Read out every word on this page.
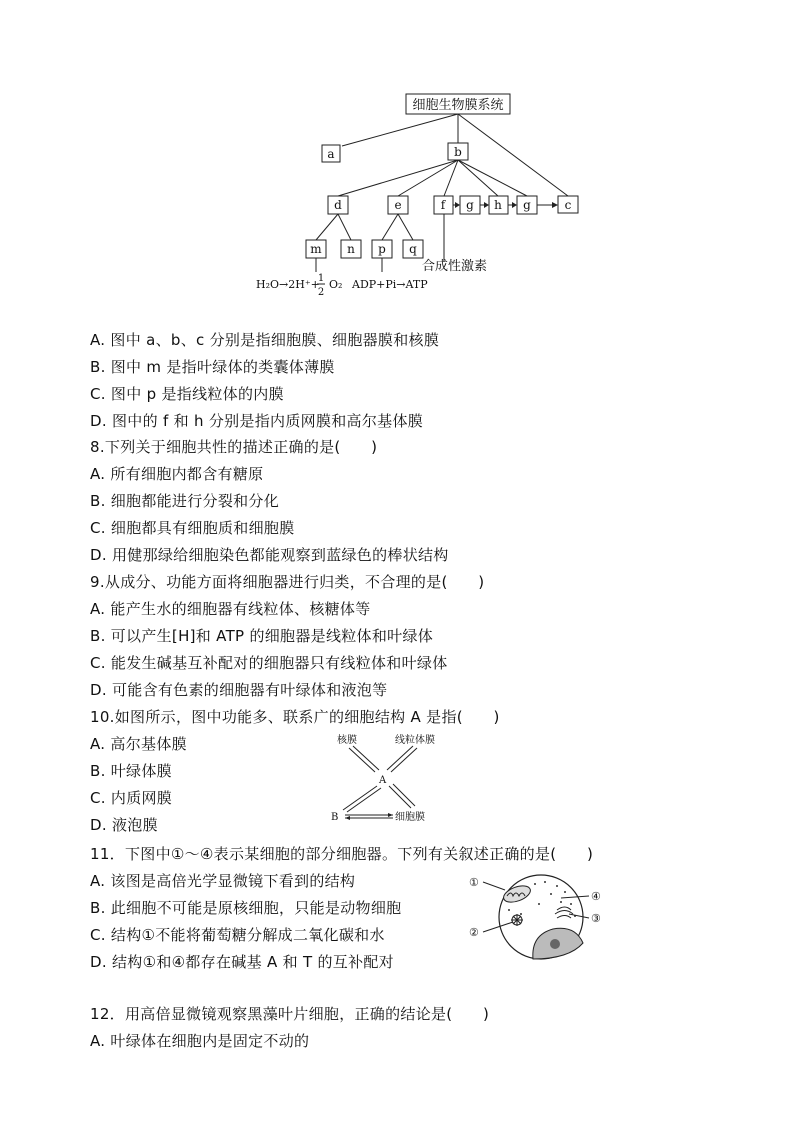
细胞生物膜系统
a	b
c
d	e	f g h g
m n p q
合成性激素
H₂O→2H⁺+
1
2
O₂ ADP+Pi→ATP
A. 图中 a、b、c 分别是指细胞膜、细胞器膜和核膜
B. 图中 m 是指叶绿体的类囊体薄膜
C. 图中 p 是指线粒体的内膜
D. 图中的 f 和 h 分别是指内质网膜和高尔基体膜
8.下列关于细胞共性的描述正确的是(　　)
A. 所有细胞内都含有糖原
B. 细胞都能进行分裂和分化
C. 细胞都具有细胞质和细胞膜
D. 用健那绿给细胞染色都能观察到蓝绿色的棒状结构
9.从成分、功能方面将细胞器进行归类，不合理的是(　　)
A. 能产生水的细胞器有线粒体、核糖体等
B. 可以产生[H]和 ATP 的细胞器是线粒体和叶绿体
C. 能发生碱基互补配对的细胞器只有线粒体和叶绿体
D. 可能含有色素的细胞器有叶绿体和液泡等
10.如图所示，图中功能多、联系广的细胞结构 A 是指(　　)
A. 高尔基体膜
B. 叶绿体膜
C. 内质网膜
D. 液泡膜
核膜	线粒体膜
A
B	细胞膜
11．下图中①～④表示某细胞的部分细胞器。下列有关叙述正确的是(　　)
A. 该图是高倍光学显微镜下看到的结构
B. 此细胞不可能是原核细胞，只能是动物细胞
C. 结构①不能将葡萄糖分解成二氧化碳和水
D. 结构①和④都存在碱基 A 和 T 的互补配对
①
②
③
④
12．用高倍显微镜观察黑藻叶片细胞，正确的结论是(　　)
A. 叶绿体在细胞内是固定不动的
